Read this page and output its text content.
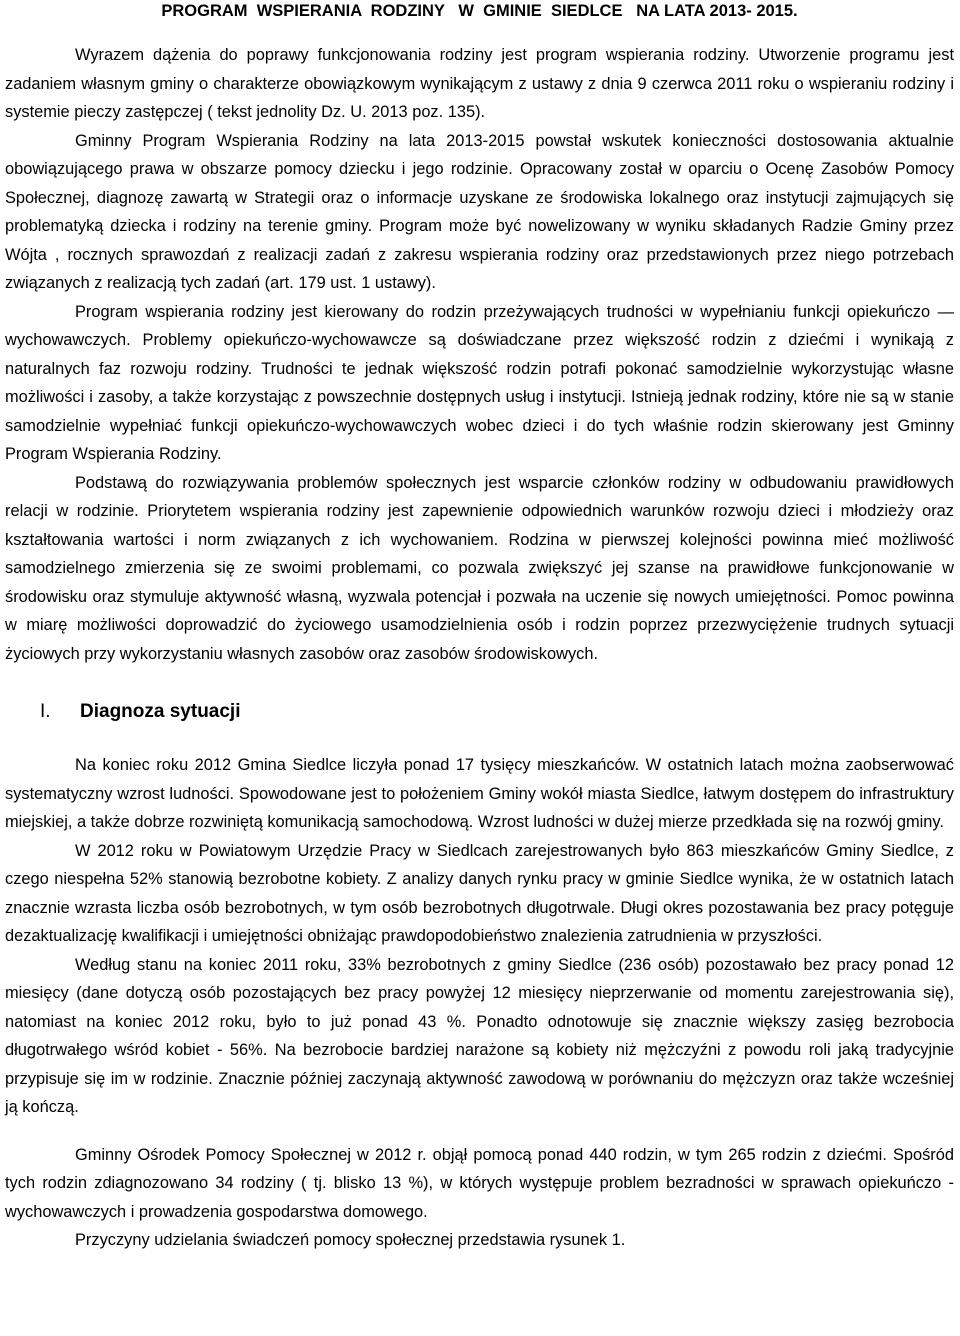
PROGRAM  WSPIERANIA  RODZINY   W  GMINIE  SIEDLCE   NA LATA 2013- 2015.

Wyrazem dążenia do poprawy funkcjonowania rodziny jest program wspierania rodziny. Utworzenie programu jest zadaniem własnym gminy o charakterze obowiązkowym wynikającym z ustawy z dnia 9 czerwca 2011 roku o wspieraniu rodziny i systemie pieczy zastępczej ( tekst jednolity Dz. U. 2013 poz. 135).

Gminny Program Wspierania Rodziny na lata 2013-2015 powstał wskutek konieczności dostosowania aktualnie obowiązującego prawa w obszarze pomocy dziecku i jego rodzinie. Opracowany został w oparciu o Ocenę Zasobów Pomocy Społecznej, diagnozę zawartą w Strategii oraz o informacje uzyskane ze środowiska lokalnego oraz instytucji zajmujących się problematyką dziecka i rodziny na terenie gminy. Program może być nowelizowany w wyniku składanych Radzie Gminy przez Wójta , rocznych sprawozdań z realizacji zadań z zakresu wspierania rodziny oraz przedstawionych przez niego potrzebach związanych z realizacją tych zadań (art. 179 ust. 1 ustawy).

Program wspierania rodziny jest kierowany do rodzin przeżywających trudności w wypełnianiu funkcji opiekuńczo — wychowawczych. Problemy opiekuńczo-wychowawcze są doświadczane przez większość rodzin z dziećmi i wynikają z naturalnych faz rozwoju rodziny. Trudności te jednak większość rodzin potrafi pokonać samodzielnie wykorzystując własne możliwości i zasoby, a także korzystając z powszechnie dostępnych usług i instytucji. Istnieją jednak rodziny, które nie są w stanie samodzielnie wypełniać funkcji opiekuńczo-wychowawczych wobec dzieci i do tych właśnie rodzin skierowany jest Gminny Program Wspierania Rodziny.

Podstawą do rozwiązywania problemów społecznych jest wsparcie członków rodziny w odbudowaniu prawidłowych relacji w rodzinie. Priorytetem wspierania rodziny jest zapewnienie odpowiednich warunków rozwoju dzieci i młodzieży oraz kształtowania wartości i norm związanych z ich wychowaniem. Rodzina w pierwszej kolejności powinna mieć możliwość samodzielnego zmierzenia się ze swoimi problemami, co pozwala zwiększyć jej szanse na prawidłowe funkcjonowanie w środowisku oraz stymuluje aktywność własną, wyzwala potencjał i pozwała na uczenie się nowych umiejętności. Pomoc powinna w miarę możliwości doprowadzić do życiowego usamodzielnienia osób i rodzin poprzez przezwyciężenie trudnych sytuacji życiowych przy wykorzystaniu własnych zasobów oraz zasobów środowiskowych.

I.	Diagnoza sytuacji

Na koniec roku 2012 Gmina Siedlce liczyła ponad 17 tysięcy mieszkańców. W ostatnich latach można zaobserwować systematyczny wzrost ludności. Spowodowane jest to położeniem Gminy wokół miasta Siedlce, łatwym dostępem do infrastruktury miejskiej, a także dobrze rozwiniętą komunikacją samochodową. Wzrost ludności w dużej mierze przedkłada się na rozwój gminy.

W 2012 roku w Powiatowym Urzędzie Pracy w Siedlcach zarejestrowanych było 863 mieszkańców Gminy Siedlce, z czego niespełna 52% stanowią bezrobotne kobiety. Z analizy danych rynku pracy w gminie Siedlce wynika, że w ostatnich latach znacznie wzrasta liczba osób bezrobotnych, w tym osób bezrobotnych długotrwale. Długi okres pozostawania bez pracy potęguje dezaktualizację kwalifikacji i umiejętności obniżając prawdopodobieństwo znalezienia zatrudnienia w przyszłości.

Według stanu na koniec 2011 roku, 33% bezrobotnych z gminy Siedlce (236 osób) pozostawało bez pracy ponad 12 miesięcy (dane dotyczą osób pozostających bez pracy powyżej 12 miesięcy nieprzerwanie od momentu zarejestrowania się), natomiast na koniec 2012 roku, było to już ponad 43 %. Ponadto odnotowuje się znacznie większy zasięg bezrobocia długotrwałego wśród kobiet - 56%. Na bezrobocie bardziej narażone są kobiety niż mężczyźni z powodu roli jaką tradycyjnie przypisuje się im w rodzinie. Znacznie później zaczynają aktywność zawodową w porównaniu do mężczyzn oraz także wcześniej ją kończą.

Gminny Ośrodek Pomocy Społecznej w 2012 r. objął pomocą ponad 440 rodzin, w tym 265 rodzin z dziećmi. Spośród tych rodzin zdiagnozowano 34 rodziny ( tj. blisko 13 %), w których występuje problem bezradności w sprawach opiekuńczo - wychowawczych i prowadzenia gospodarstwa domowego.

Przyczyny udzielania świadczeń pomocy społecznej przedstawia rysunek 1.
